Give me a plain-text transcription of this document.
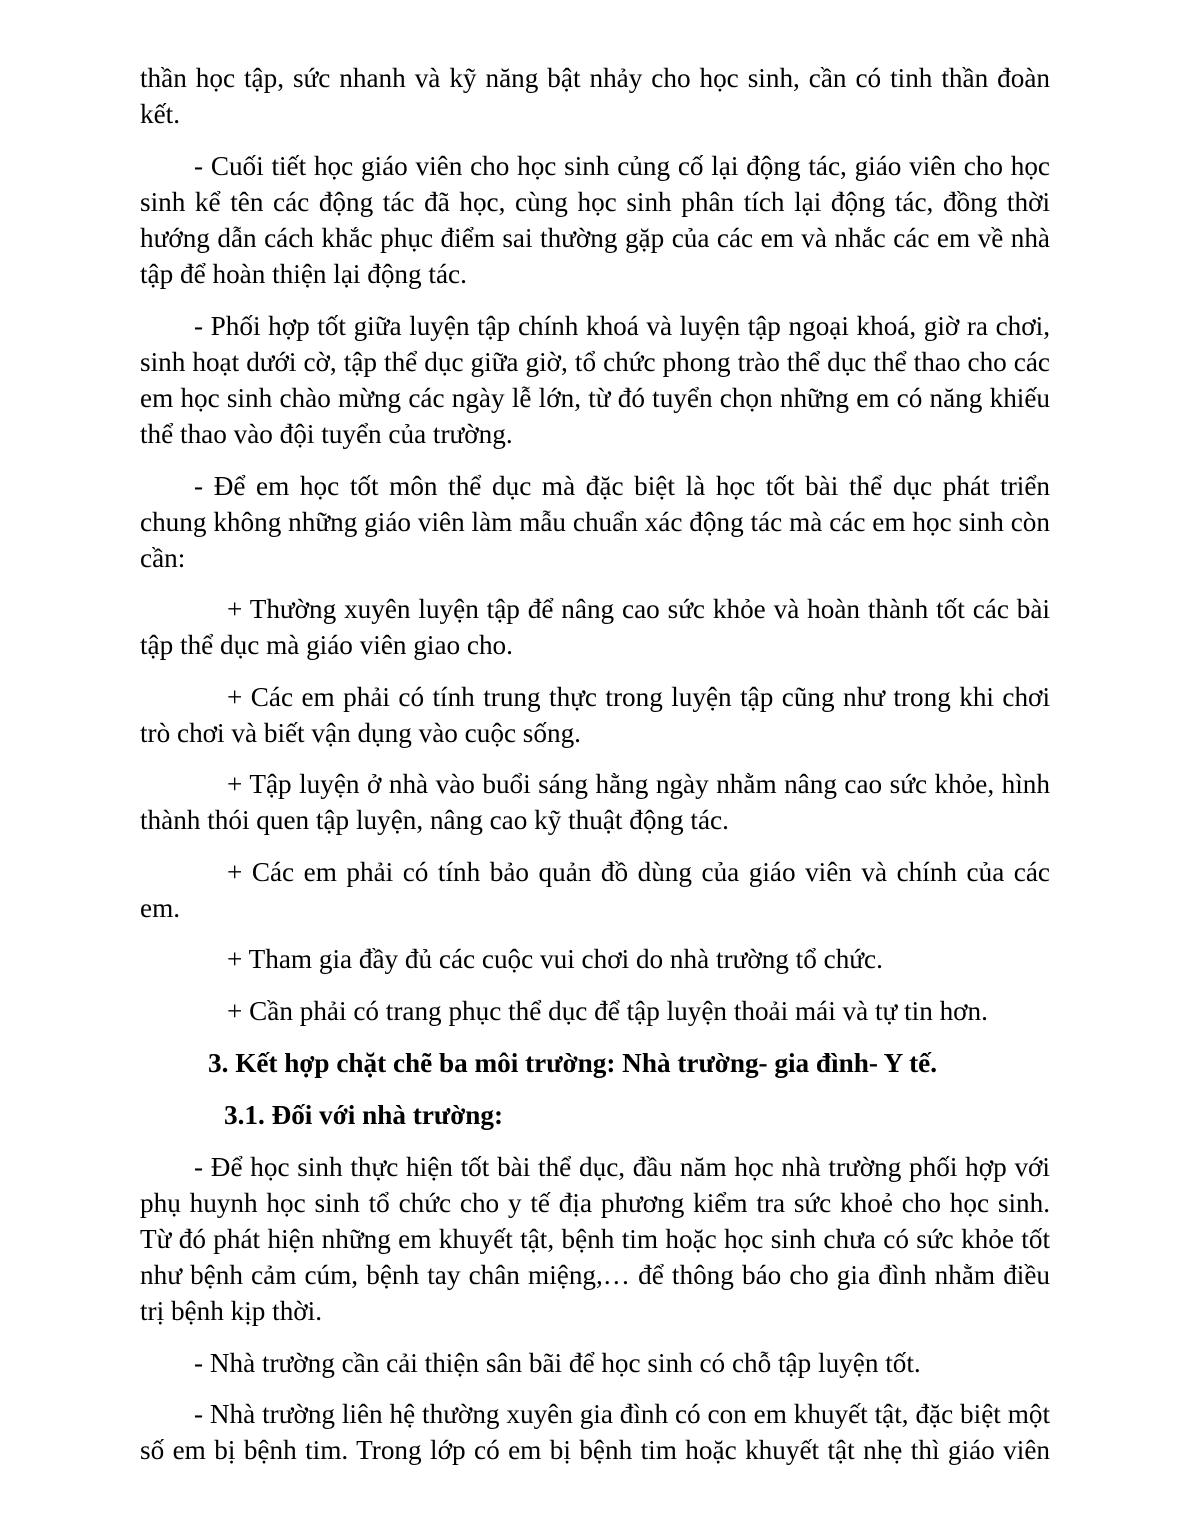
thần học tập, sức nhanh và kỹ năng bật nhảy cho học sinh, cần có tinh thần đoàn
kết.
- Cuối tiết học giáo viên cho học sinh củng cố lại động tác, giáo viên cho học
sinh kể tên các động tác đã học, cùng học sinh phân tích lại động tác, đồng thời
hướng dẫn cách khắc phục điểm sai thường gặp của các em và nhắc các em về nhà
tập để hoàn thiện lại động tác.
- Phối hợp tốt giữa luyện tập chính khoá và luyện tập ngoại khoá, giờ ra chơi,
sinh hoạt dưới cờ, tập thể dục giữa giờ, tổ chức phong trào thể dục thể thao cho các
em học sinh chào mừng các ngày lễ lớn, từ đó tuyển chọn những em có năng khiếu
thể thao vào đội tuyển của trường.
- Để em học tốt môn thể dục mà đặc biệt là học tốt bài thể dục phát triển
chung không những giáo viên làm mẫu chuẩn xác động tác mà các em học sinh còn
cần:
+ Thường xuyên luyện tập để nâng cao sức khỏe và hoàn thành tốt các bài
tập thể dục mà giáo viên giao cho.
+ Các em phải có tính trung thực trong luyện tập cũng như trong khi chơi
trò chơi và biết vận dụng vào cuộc sống.
+ Tập luyện ở nhà vào buổi sáng hằng ngày nhằm nâng cao sức khỏe, hình
thành thói quen tập luyện, nâng cao kỹ thuật động tác.
+ Các em phải có tính bảo quản đồ dùng của giáo viên và chính của các
em.
+ Tham gia đầy đủ các cuộc vui chơi do nhà trường tổ chức.
+ Cần phải có trang phục thể dục để tập luyện thoải mái và tự tin hơn.
3. Kết hợp chặt chẽ ba môi trường: Nhà trường- gia đình- Y tế.
3.1. Đối với nhà trường:
- Để học sinh thực hiện tốt bài thể dục, đầu năm học nhà trường phối hợp với
phụ huynh học sinh tổ chức cho y tế địa phương kiểm tra sức khoẻ cho học sinh.
Từ đó phát hiện những em khuyết tật, bệnh tim hoặc học sinh chưa có sức khỏe tốt
như bệnh cảm cúm, bệnh tay chân miệng,… để thông báo cho gia đình nhằm điều
trị bệnh kịp thời.
- Nhà trường cần cải thiện sân bãi để học sinh có chỗ tập luyện tốt.
- Nhà trường liên hệ thường xuyên gia đình có con em khuyết tật, đặc biệt một
số em bị bệnh tim. Trong lớp có em bị bệnh tim hoặc khuyết tật nhẹ thì giáo viên
